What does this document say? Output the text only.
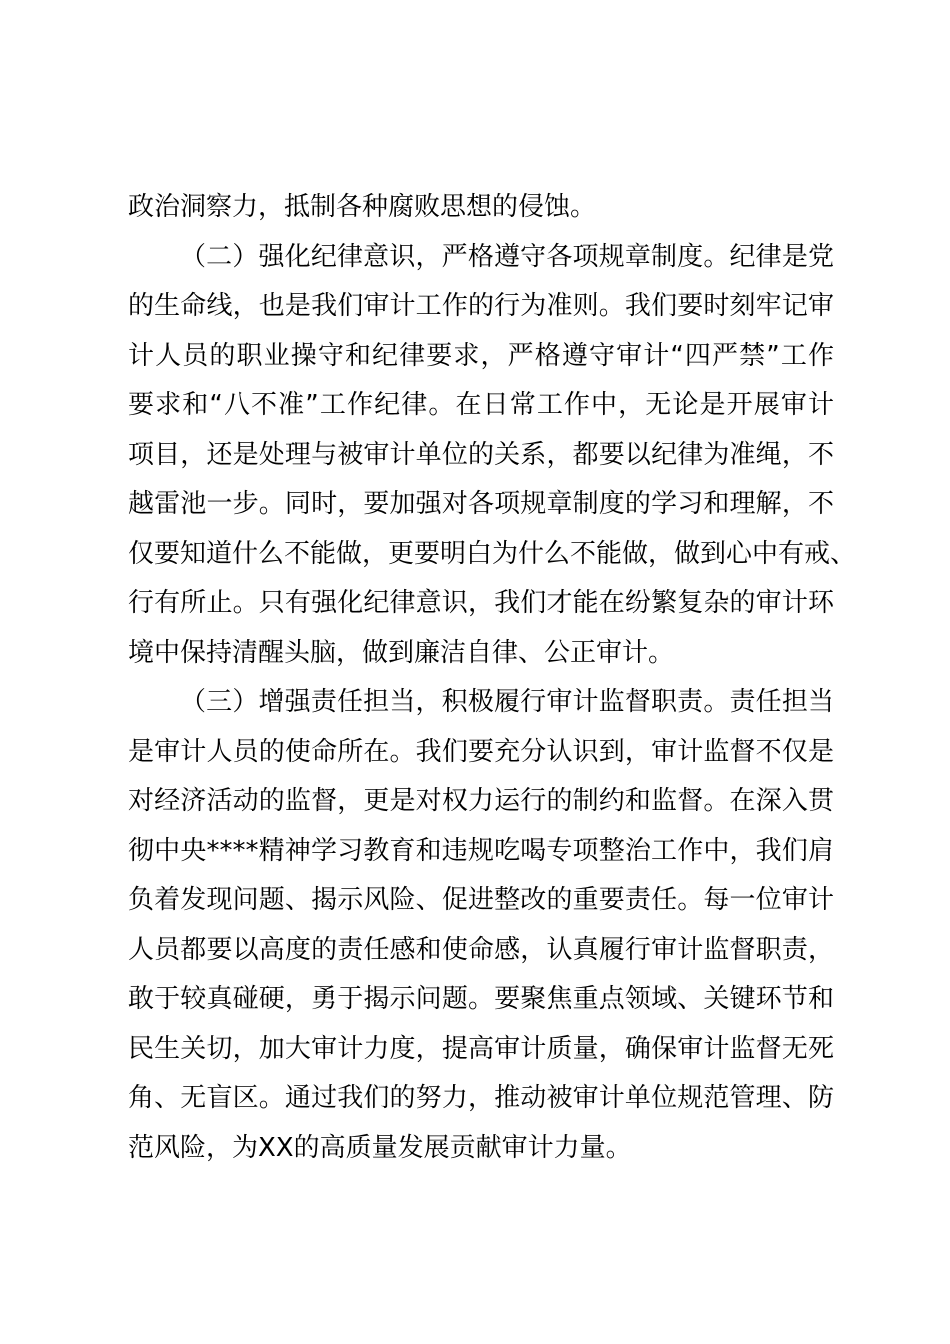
政治洞察力，抵制各种腐败思想的侵蚀。
（二）强化纪律意识，严格遵守各项规章制度。纪律是党
的生命线，也是我们审计工作的行为准则。我们要时刻牢记审
计人员的职业操守和纪律要求，严格遵守审计“四严禁”工作
要求和“八不准”工作纪律。在日常工作中，无论是开展审计
项目，还是处理与被审计单位的关系，都要以纪律为准绳，不
越雷池一步。同时，要加强对各项规章制度的学习和理解，不
仅要知道什么不能做，更要明白为什么不能做，做到心中有戒、
行有所止。只有强化纪律意识，我们才能在纷繁复杂的审计环
境中保持清醒头脑，做到廉洁自律、公正审计。
（三）增强责任担当，积极履行审计监督职责。责任担当
是审计人员的使命所在。我们要充分认识到，审计监督不仅是
对经济活动的监督，更是对权力运行的制约和监督。在深入贯
彻中央****精神学习教育和违规吃喝专项整治工作中，我们肩
负着发现问题、揭示风险、促进整改的重要责任。每一位审计
人员都要以高度的责任感和使命感，认真履行审计监督职责，
敢于较真碰硬，勇于揭示问题。要聚焦重点领域、关键环节和
民生关切，加大审计力度，提高审计质量，确保审计监督无死
角、无盲区。通过我们的努力，推动被审计单位规范管理、防
范风险，为XX的高质量发展贡献审计力量。
